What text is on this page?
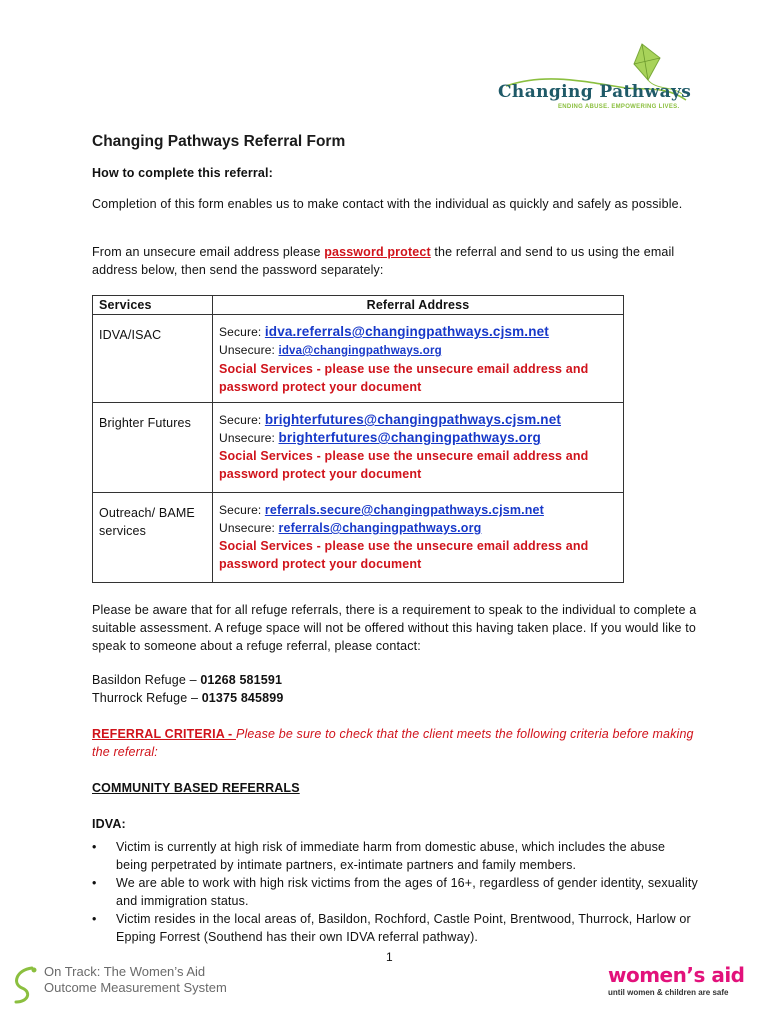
Changing Pathways
ENDING ABUSE. EMPOWERING LIVES.
Changing Pathways Referral Form

How to complete this referral:

Completion of this form enables us to make contact with the individual as quickly and safely as possible.

From an unsecure email address please password protect the referral and send to us using the email address below, then send the password separately:

Services	Referral Address
IDVA/ISAC	Secure: idva.referrals@changingpathways.cjsm.net
Unsecure: idva@changingpathways.org
Social Services - please use the unsecure email address and password protect your document

Brighter Futures	Secure: brighterfutures@changingpathways.cjsm.net
Unsecure: brighterfutures@changingpathways.org
Social Services - please use the unsecure email address and password protect your document

Outreach/ BAME services	Secure: referrals.secure@changingpathways.cjsm.net
Unsecure: referrals@changingpathways.org
Social Services - please use the unsecure email address and password protect your document

Please be aware that for all refuge referrals, there is a requirement to speak to the individual to complete a suitable assessment. A refuge space will not be offered without this having taken place. If you would like to speak to someone about a refuge referral, please contact:

Basildon Refuge – 01268 581591

Thurrock Refuge – 01375 845899

REFERRAL CRITERIA - Please be sure to check that the client meets the following criteria before making the referral:

COMMUNITY BASED REFERRALS

IDVA:

• Victim is currently at high risk of immediate harm from domestic abuse, which includes the abuse being perpetrated by intimate partners, ex-intimate partners and family members.
• We are able to work with high risk victims from the ages of 16+, regardless of gender identity, sexuality and immigration status.
• Victim resides in the local areas of, Basildon, Rochford, Castle Point, Brentwood, Thurrock, Harlow or Epping Forrest (Southend has their own IDVA referral pathway).
1
On Track: The Women’s Aid
Outcome Measurement System
women’s aid
until women & children are safe
